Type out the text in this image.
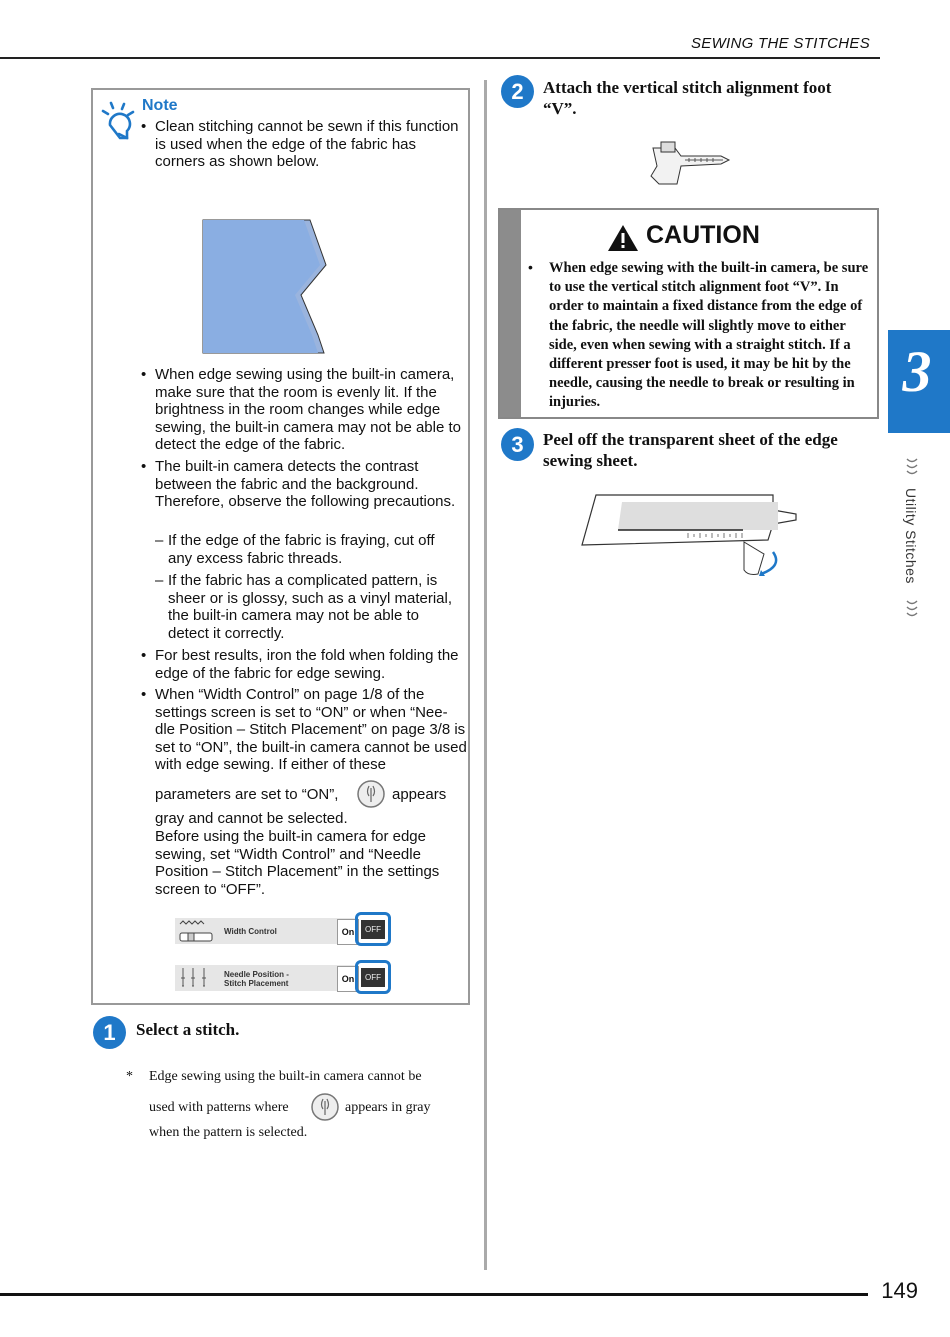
SEWING THE STITCHES
Note
• Clean stitching cannot be sewn if this function is used when the edge of the fabric has corners as shown below.
• When edge sewing using the built-in camera, make sure that the room is evenly lit. If the brightness in the room changes while edge sewing, the built-in camera may not be able to detect the edge of the fabric.
• The built-in camera detects the contrast between the fabric and the background. Therefore, observe the following precautions.
– If the edge of the fabric is fraying, cut off any excess fabric threads.
– If the fabric has a complicated pattern, is sheer or is glossy, such as a vinyl material, the built-in camera may not be able to detect it correctly.
• For best results, iron the fold when folding the edge of the fabric for edge sewing.
• When “Width Control” on page 1/8 of the settings screen is set to “ON” or when “Nee-dle Position – Stitch Placement” on page 3/8 is set to “ON”, the built-in camera cannot be used with edge sewing. If either of these
parameters are set to “ON”,	appears
gray and cannot be selected.
Before using the built-in camera for edge sewing, set “Width Control” and “Needle Position – Stitch Placement” in the settings screen to “OFF”.
Width Control	On	OFF
Needle Position -
Stitch Placement	On	OFF
1	Select a stitch.
* Edge sewing using the built-in camera cannot be
used with patterns where	appears in gray
when the pattern is selected.
2	Attach the vertical stitch alignment foot “V”.
CAUTION
• When edge sewing with the built-in camera, be sure to use the vertical stitch alignment foot “V”. In order to maintain a fixed distance from the edge of the fabric, the needle will slightly move to either side, even when sewing with a straight stitch. If a different presser foot is used, it may be hit by the needle, causing the needle to break or resulting in injuries.
3	Peel off the transparent sheet of the edge sewing sheet.
3
Utility Stitches
149
